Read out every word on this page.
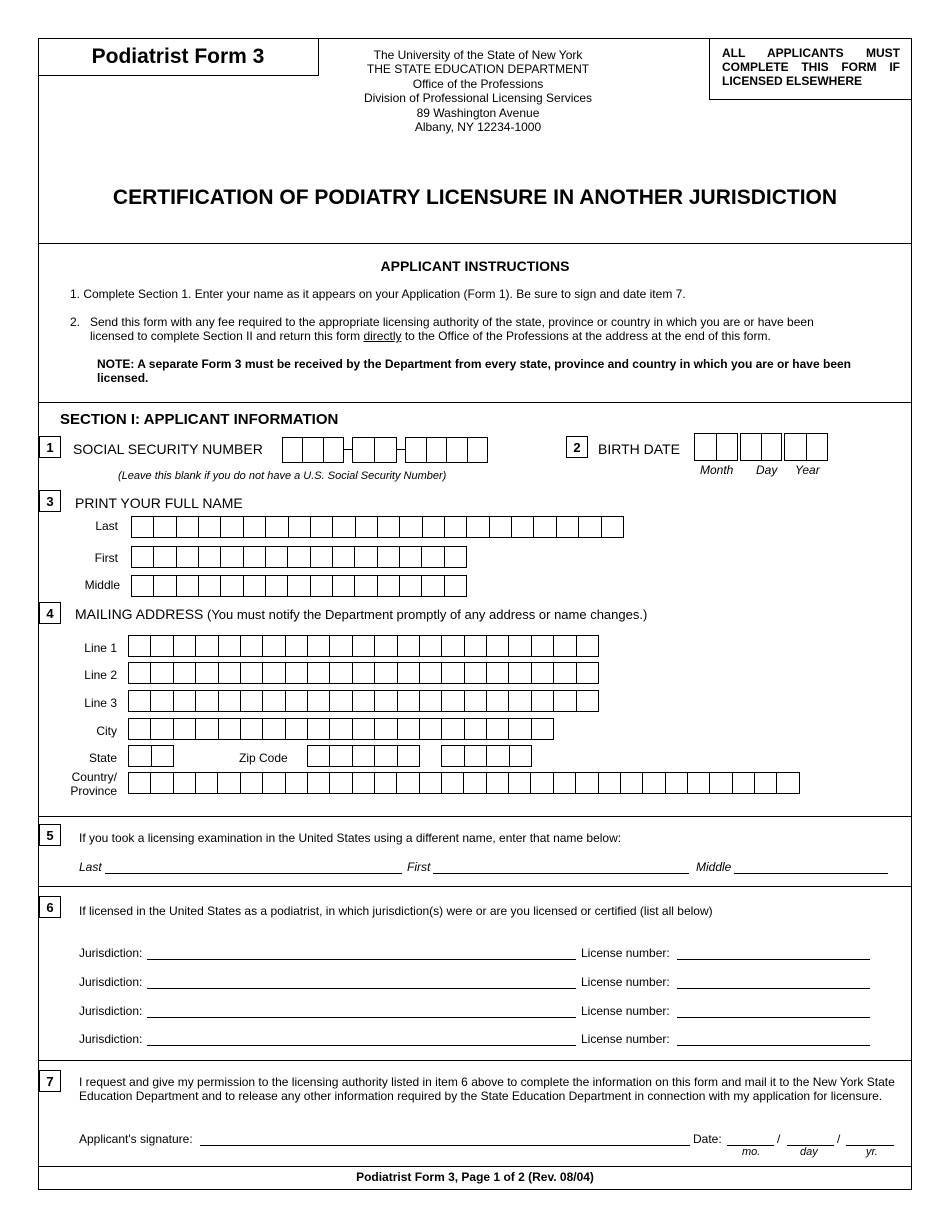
Podiatrist Form 3	The University of the State of New York
THE STATE EDUCATION DEPARTMENT
Office of the Professions
Division of Professional Licensing Services
89 Washington Avenue
Albany, NY 12234-1000
ALL APPLICANTS MUST COMPLETE THIS FORM IF LICENSED ELSEWHERE
CERTIFICATION OF PODIATRY LICENSURE IN ANOTHER JURISDICTION
APPLICANT INSTRUCTIONS
1. Complete Section 1. Enter your name as it appears on your Application (Form 1). Be sure to sign and date item 7.
2. Send this form with any fee required to the appropriate licensing authority of the state, province or country in which you are or have been licensed to complete Section II and return this form directly to the Office of the Professions at the address at the end of this form.
NOTE: A separate Form 3 must be received by the Department from every state, province and country in which you are or have been licensed.
SECTION I: APPLICANT INFORMATION
1	SOCIAL SECURITY NUMBER
(Leave this blank if you do not have a U.S. Social Security Number)
2	BIRTH DATE
Month Day Year
3	PRINT YOUR FULL NAME
Last
First
Middle
4	MAILING ADDRESS (You must notify the Department promptly of any address or name changes.)
Line 1
Line 2
Line 3
City
State	Zip Code
Country/
Province
5	If you took a licensing examination in the United States using a different name, enter that name below:
Last	First	Middle
6	If licensed in the United States as a podiatrist, in which jurisdiction(s) were or are you licensed or certified (list all below)
Jurisdiction:	License number:
Jurisdiction:	License number:
Jurisdiction:	License number:
Jurisdiction:	License number:
7	I request and give my permission to the licensing authority listed in item 6 above to complete the information on this form and mail it to the New York State Education Department and to release any other information required by the State Education Department in connection with my application for licensure.
Applicant's signature:	Date:	/	/
mo.	day	yr.
Podiatrist Form 3, Page 1 of 2 (Rev. 08/04)
